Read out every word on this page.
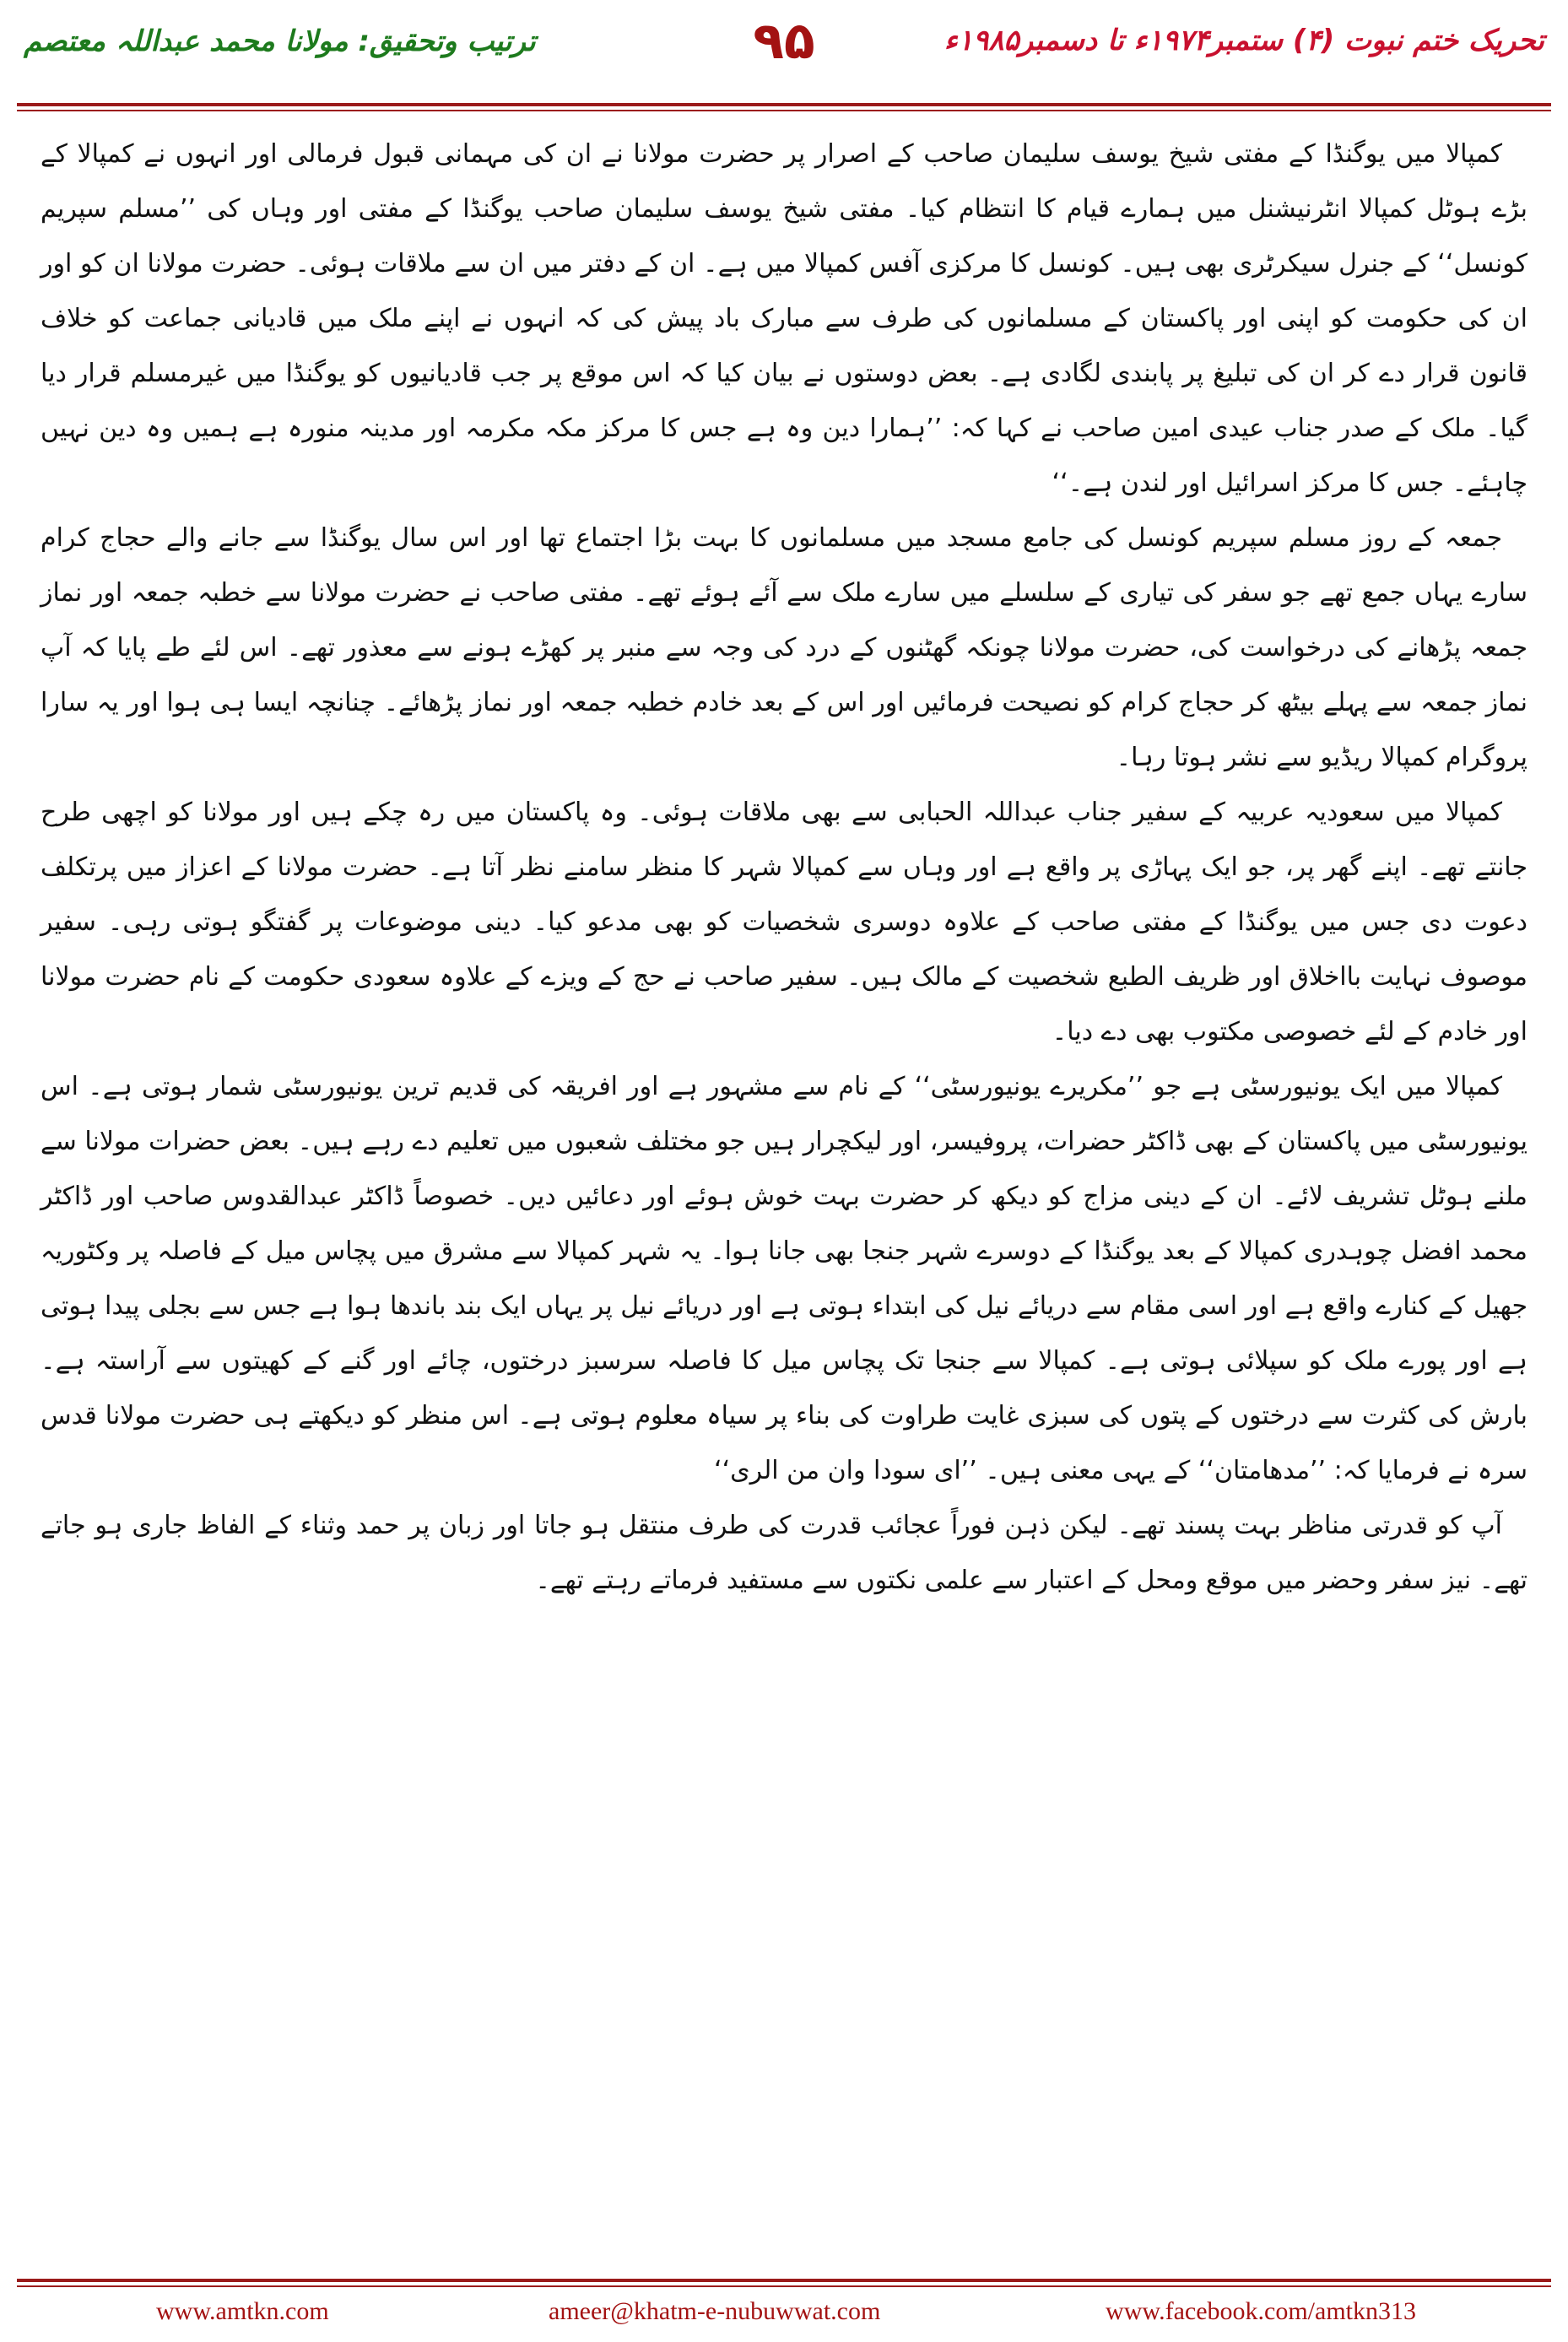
ترتیب وتحقیق: مولانا محمد عبداللہ معتصم	۹۵	تحریک ختم نبوت (۴) ستمبر۱۹۷۴ء تا دسمبر۱۹۸۵ء

کمپالا میں یوگنڈا کے مفتی شیخ یوسف سلیمان صاحب کے اصرار پر حضرت مولانا نے ان کی مہمانی قبول فرمالی اور انہوں نے کمپالا کے بڑے ہوٹل کمپالا انٹرنیشنل میں ہمارے قیام کا انتظام کیا۔ مفتی شیخ یوسف سلیمان صاحب یوگنڈا کے مفتی اور وہاں کی ’’مسلم سپریم کونسل‘‘ کے جنرل سیکرٹری بھی ہیں۔ کونسل کا مرکزی آفس کمپالا میں ہے۔ ان کے دفتر میں ان سے ملاقات ہوئی۔ حضرت مولانا ان کو اور ان کی حکومت کو اپنی اور پاکستان کے مسلمانوں کی طرف سے مبارک باد پیش کی کہ انہوں نے اپنے ملک میں قادیانی جماعت کو خلاف قانون قرار دے کر ان کی تبلیغ پر پابندی لگادی ہے۔ بعض دوستوں نے بیان کیا کہ اس موقع پر جب قادیانیوں کو یوگنڈا میں غیرمسلم قرار دیا گیا۔ ملک کے صدر جناب عیدی امین صاحب نے کہا کہ: ’’ہمارا دین وہ ہے جس کا مرکز مکہ مکرمہ اور مدینہ منورہ ہے ہمیں وہ دین نہیں چاہئے۔ جس کا مرکز اسرائیل اور لندن ہے۔‘‘

جمعہ کے روز مسلم سپریم کونسل کی جامع مسجد میں مسلمانوں کا بہت بڑا اجتماع تھا اور اس سال یوگنڈا سے جانے والے حجاج کرام سارے یہاں جمع تھے جو سفر کی تیاری کے سلسلے میں سارے ملک سے آئے ہوئے تھے۔ مفتی صاحب نے حضرت مولانا سے خطبہ جمعہ اور نماز جمعہ پڑھانے کی درخواست کی، حضرت مولانا چونکہ گھٹنوں کے درد کی وجہ سے منبر پر کھڑے ہونے سے معذور تھے۔ اس لئے طے پایا کہ آپ نماز جمعہ سے پہلے بیٹھ کر حجاج کرام کو نصیحت فرمائیں اور اس کے بعد خادم خطبہ جمعہ اور نماز پڑھائے۔ چنانچہ ایسا ہی ہوا اور یہ سارا پروگرام کمپالا ریڈیو سے نشر ہوتا رہا۔

کمپالا میں سعودیہ عربیہ کے سفیر جناب عبداللہ الحبابی سے بھی ملاقات ہوئی۔ وہ پاکستان میں رہ چکے ہیں اور مولانا کو اچھی طرح جانتے تھے۔ اپنے گھر پر، جو ایک پہاڑی پر واقع ہے اور وہاں سے کمپالا شہر کا منظر سامنے نظر آتا ہے۔ حضرت مولانا کے اعزاز میں پرتکلف دعوت دی جس میں یوگنڈا کے مفتی صاحب کے علاوہ دوسری شخصیات کو بھی مدعو کیا۔ دینی موضوعات پر گفتگو ہوتی رہی۔ سفیر موصوف نہایت بااخلاق اور ظریف الطبع شخصیت کے مالک ہیں۔ سفیر صاحب نے حج کے ویزے کے علاوہ سعودی حکومت کے نام حضرت مولانا اور خادم کے لئے خصوصی مکتوب بھی دے دیا۔

کمپالا میں ایک یونیورسٹی ہے جو ’’مکریرے یونیورسٹی‘‘ کے نام سے مشہور ہے اور افریقہ کی قدیم ترین یونیورسٹی شمار ہوتی ہے۔ اس یونیورسٹی میں پاکستان کے بھی ڈاکٹر حضرات، پروفیسر، اور لیکچرار ہیں جو مختلف شعبوں میں تعلیم دے رہے ہیں۔ بعض حضرات مولانا سے ملنے ہوٹل تشریف لائے۔ ان کے دینی مزاج کو دیکھ کر حضرت بہت خوش ہوئے اور دعائیں دیں۔ خصوصاً ڈاکٹر عبدالقدوس صاحب اور ڈاکٹر محمد افضل چوہدری کمپالا کے بعد یوگنڈا کے دوسرے شہر جنجا بھی جانا ہوا۔ یہ شہر کمپالا سے مشرق میں پچاس میل کے فاصلہ پر وکٹوریہ جھیل کے کنارے واقع ہے اور اسی مقام سے دریائے نیل کی ابتداء ہوتی ہے اور دریائے نیل پر یہاں ایک بند باندھا ہوا ہے جس سے بجلی پیدا ہوتی ہے اور پورے ملک کو سپلائی ہوتی ہے۔ کمپالا سے جنجا تک پچاس میل کا فاصلہ سرسبز درختوں، چائے اور گنے کے کھیتوں سے آراستہ ہے۔ بارش کی کثرت سے درختوں کے پتوں کی سبزی غایت طراوت کی بناء پر سیاہ معلوم ہوتی ہے۔ اس منظر کو دیکھتے ہی حضرت مولانا قدس سرہ نے فرمایا کہ: ’’مدھامتان‘‘ کے یہی معنی ہیں۔ ’’ای سودا وان من الری‘‘

آپ کو قدرتی مناظر بہت پسند تھے۔ لیکن ذہن فوراً عجائب قدرت کی طرف منتقل ہو جاتا اور زبان پر حمد وثناء کے الفاظ جاری ہو جاتے تھے۔ نیز سفر وحضر میں موقع ومحل کے اعتبار سے علمی نکتوں سے مستفید فرماتے رہتے تھے۔

www.amtkn.com	ameer@khatm-e-nubuwwat.com	www.facebook.com/amtkn313
